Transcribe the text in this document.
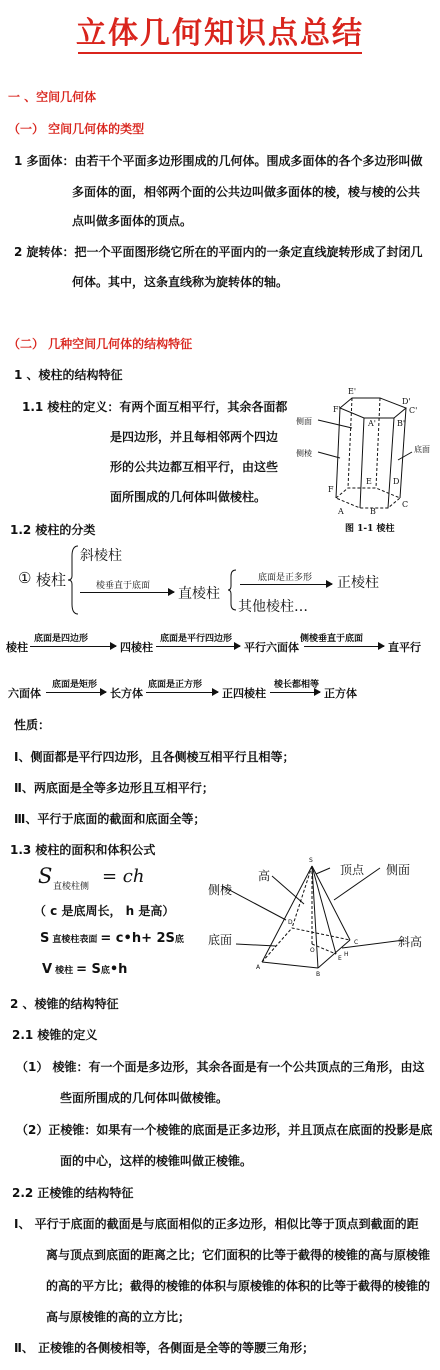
立体几何知识点总结
一 、空间几何体
（一） 空间几何体的类型
1 多面体：由若干个平面多边形围成的几何体。围成多面体的各个多边形叫做
多面体的面，相邻两个面的公共边叫做多面体的棱，棱与棱的公共
点叫做多面体的顶点。
2 旋转体：把一个平面图形绕它所在的平面内的一条定直线旋转形成了封闭几
何体。其中，这条直线称为旋转体的轴。
（二） 几种空间几何体的结构特征
1 、棱柱的结构特征
1.1 棱柱的定义：有两个面互相平行，其余各面都
是四边形，并且每相邻两个四边
形的公共边都互相平行，由这些
面所围成的几何体叫做棱柱。
F'
E'
D'
A'	B'
C'
F
E	D
A	B
C
侧面
侧棱	底面
图 1-1 棱柱
1.2 棱柱的分类
① 棱柱
斜棱柱
棱垂直于底面 直棱柱
底面是正多形 正棱柱
其他棱柱…
底面是四边形	底面是平行四边形	侧棱垂直于底面
棱柱	四棱柱	平行六面体	直平行
底面是矩形	底面是正方形	棱长都相等
六面体	长方体	正四棱柱	正方体
性质：
Ⅰ、侧面都是平行四边形，且各侧棱互相平行且相等；
Ⅱ、两底面是全等多边形且互相平行；
Ⅲ、平行于底面的截面和底面全等；
1.3 棱柱的面积和体积公式
S 直棱柱侧 = ch
（ c 是底周长， h 是高）
S 直棱柱表面 = c•h+ 2S底
V 棱柱 = S底•h
高	顶点 侧面
侧棱
底面	斜高
S
A
B
C
D
E
H
O
2 、棱锥的结构特征
2.1 棱锥的定义
（1） 棱锥：有一个面是多边形，其余各面是有一个公共顶点的三角形，由这
些面所围成的几何体叫做棱锥。
（2）正棱锥：如果有一个棱锥的底面是正多边形，并且顶点在底面的投影是底
面的中心，这样的棱锥叫做正棱锥。
2.2 正棱锥的结构特征
Ⅰ、 平行于底面的截面是与底面相似的正多边形，相似比等于顶点到截面的距
离与顶点到底面的距离之比；它们面积的比等于截得的棱锥的高与原棱锥
的高的平方比；截得的棱锥的体积与原棱锥的体积的比等于截得的棱锥的
高与原棱锥的高的立方比；
Ⅱ、 正棱锥的各侧棱相等，各侧面是全等的等腰三角形；
